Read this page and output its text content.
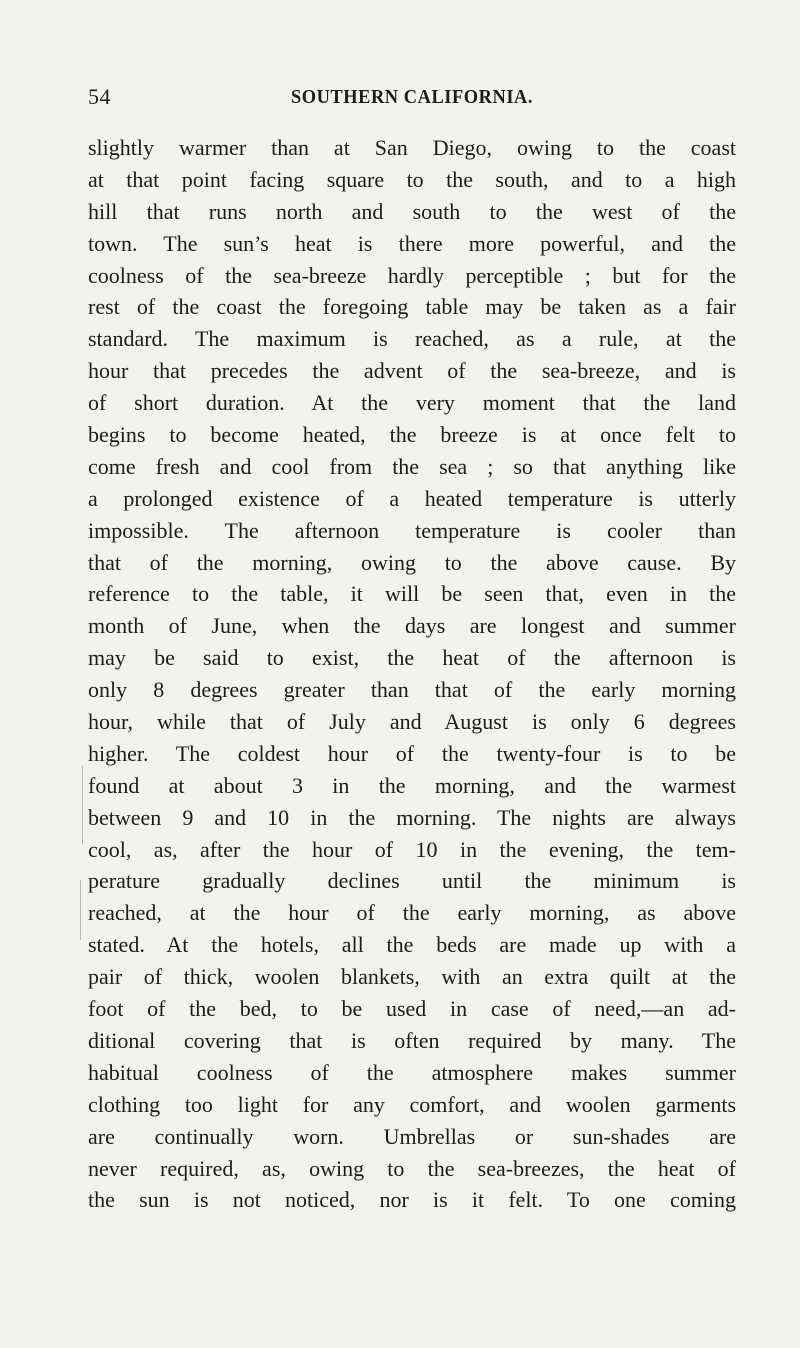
54	SOUTHERN CALIFORNIA.
slightly warmer than at San Diego, owing to the coast
at that point facing square to the south, and to a high
hill that runs north and south to the west of the
town. The sun’s heat is there more powerful, and the
coolness of the sea-breeze hardly perceptible ; but for the
rest of the coast the foregoing table may be taken as a fair
standard. The maximum is reached, as a rule, at the
hour that precedes the advent of the sea-breeze, and is
of short duration. At the very moment that the land
begins to become heated, the breeze is at once felt to
come fresh and cool from the sea ; so that anything like
a prolonged existence of a heated temperature is utterly
impossible. The afternoon temperature is cooler than
that of the morning, owing to the above cause. By
reference to the table, it will be seen that, even in the
month of June, when the days are longest and summer
may be said to exist, the heat of the afternoon is
only 8 degrees greater than that of the early morning
hour, while that of July and August is only 6 degrees
higher. The coldest hour of the twenty-four is to be
found at about 3 in the morning, and the warmest
between 9 and 10 in the morning. The nights are always
cool, as, after the hour of 10 in the evening, the tem-
perature gradually declines until the minimum is
reached, at the hour of the early morning, as above
stated. At the hotels, all the beds are made up with a
pair of thick, woolen blankets, with an extra quilt at the
foot of the bed, to be used in case of need,—an ad-
ditional covering that is often required by many. The
habitual coolness of the atmosphere makes summer
clothing too light for any comfort, and woolen garments
are continually worn. Umbrellas or sun-shades are
never required, as, owing to the sea-breezes, the heat of
the sun is not noticed, nor is it felt. To one coming
